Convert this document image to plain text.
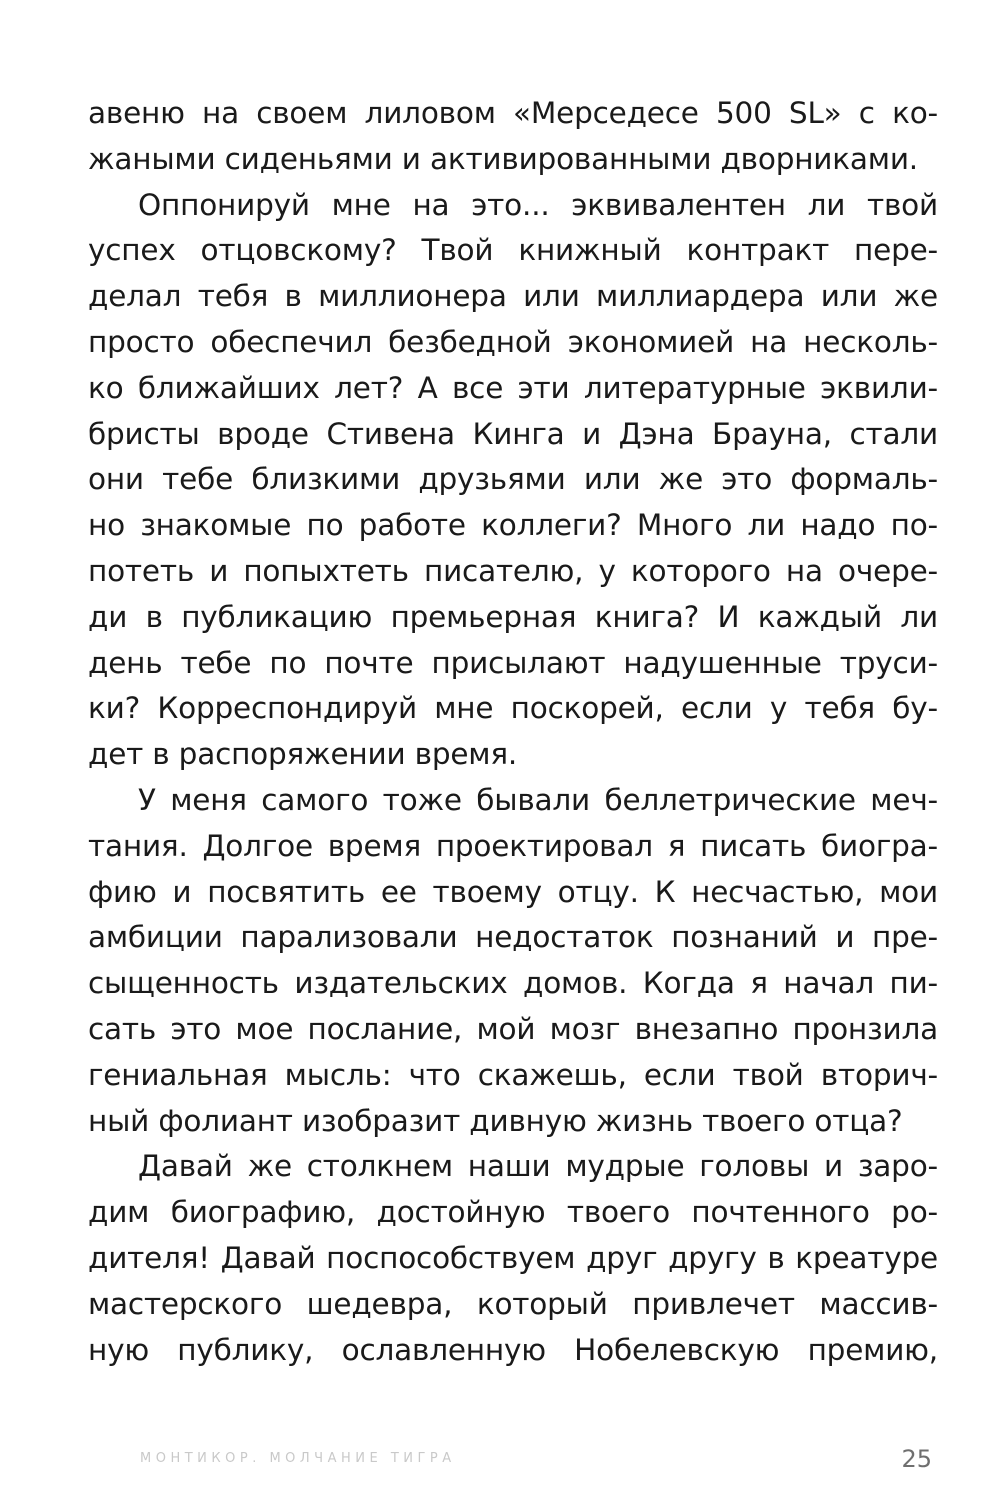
авеню на своем лиловом «Мерседесе 500 SL» с ко-
жаными сиденьями и активированными дворниками.
Оппонируй мне на это... эквивалентен ли твой
успех отцовскому? Твой книжный контракт пере-
делал тебя в миллионера или миллиардера или же
просто обеспечил безбедной экономией на несколь-
ко ближайших лет? А все эти литературные эквили-
бристы вроде Стивена Кинга и Дэна Брауна, стали
они тебе близкими друзьями или же это формаль-
но знакомые по работе коллеги? Много ли надо по-
потеть и попыхтеть писателю, у которого на очере-
ди в публикацию премьерная книга? И каждый ли
день тебе по почте присылают надушенные труси-
ки? Корреспондируй мне поскорей, если у тебя бу-
дет в распоряжении время.
У меня самого тоже бывали беллетрические меч-
тания. Долгое время проектировал я писать биогра-
фию и посвятить ее твоему отцу. К несчастью, мои
амбиции парализовали недостаток познаний и пре-
сыщенность издательских домов. Когда я начал пи-
сать это мое послание, мой мозг внезапно пронзила
гениальная мысль: что скажешь, если твой вторич-
ный фолиант изобразит дивную жизнь твоего отца?
Давай же столкнем наши мудрые головы и заро-
дим биографию, достойную твоего почтенного ро-
дителя! Давай поспособствуем друг другу в креатуре
мастерского шедевра, который привлечет массив-
ную публику, ославленную Нобелевскую премию,
МОНТИКОР. МОЛЧАНИЕ ТИГРА	25
